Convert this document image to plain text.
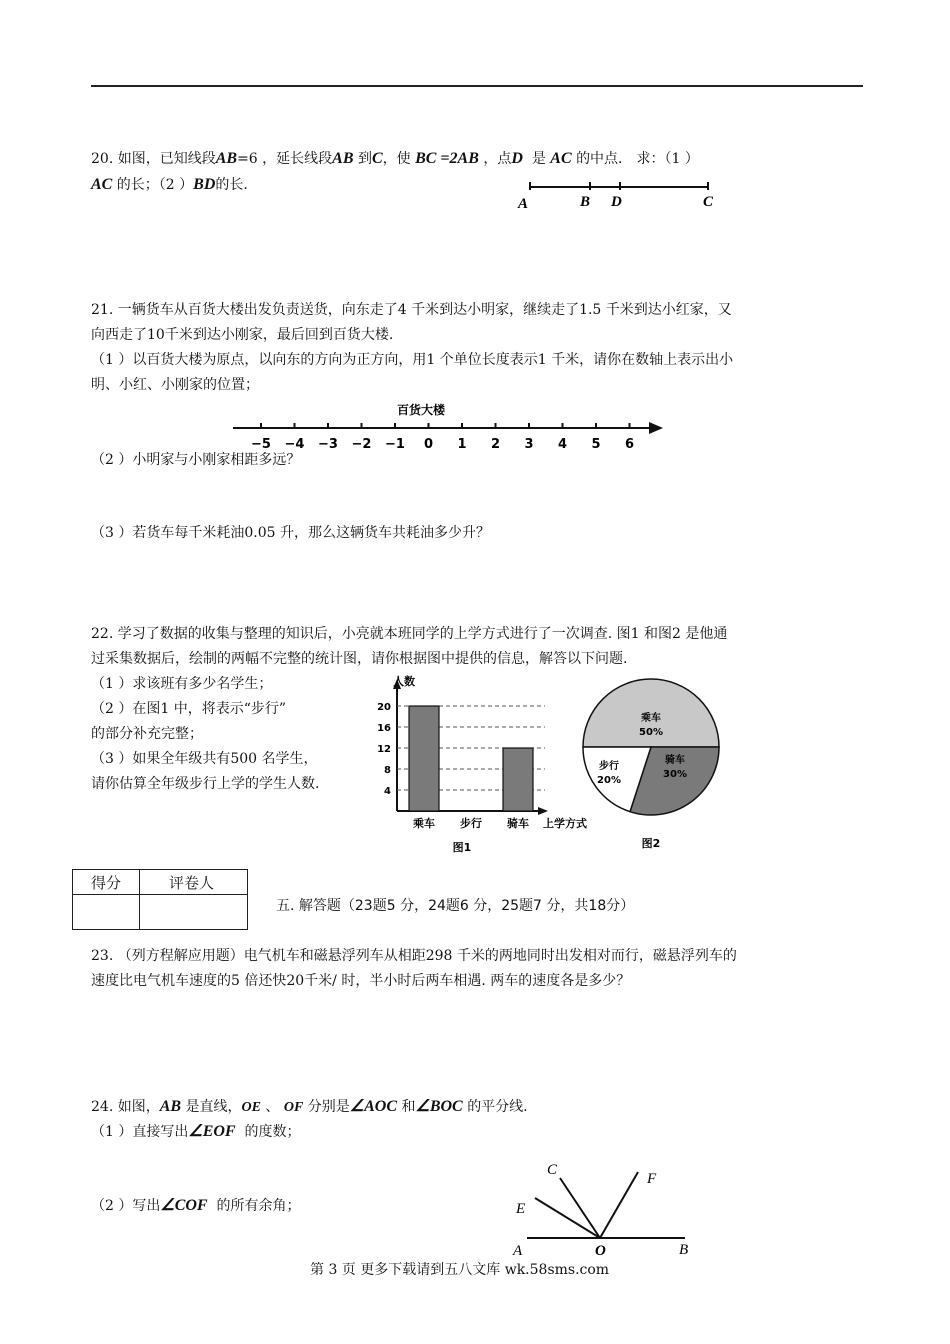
20. 如图，已知线段AB=6 ，延长线段AB 到C，使 BC =2AB ，点D 是 AC 的中点． 求：（1 ）
AC 的长；（2 ）BD的长.
A	B D	C
21. 一辆货车从百货大楼出发负责送货，向东走了4 千米到达小明家，继续走了1.5 千米到达小红家，又
向西走了10千米到达小刚家，最后回到百货大楼.
（1 ）以百货大楼为原点，以向东的方向为正方向，用1 个单位长度表示1 千米，请你在数轴上表示出小
明、小红、小刚家的位置；
百货大楼
−5 −4 −3 −2 −1 0 1 2 3 4 5 6
（2 ）小明家与小刚家相距多远？
（3 ）若货车每千米耗油0.05 升，那么这辆货车共耗油多少升？
22. 学习了数据的收集与整理的知识后，小亮就本班同学的上学方式进行了一次调查. 图1 和图2 是他通
过采集数据后，绘制的两幅不完整的统计图，请你根据图中提供的信息，解答以下问题.
（1 ）求该班有多少名学生；
（2 ）在图1 中，将表示“步行”
的部分补充完整；
（3 ）如果全年级共有500 名学生，
请你估算全年级步行上学的学生人数.
人数
4
8
12
16
20
乘车 步行 骑车 上学方式
图1
乘车
50%
骑车
30%
步行
20%
图2
得分	评卷人
五. 解答题（23题5 分，24题6 分，25题7 分，共18分）
23. （列方程解应用题）电气机车和磁悬浮列车从相距298 千米的两地同时出发相对而行，磁悬浮列车的
速度比电气机车速度的5 倍还快20千米/ 时，半小时后两车相遇. 两车的速度各是多少？
24. 如图，AB 是直线，OE 、 OF 分别是∠AOC 和∠BOC 的平分线.
（1 ）直接写出∠EOF 的度数；
（2 ）写出∠COF 的所有余角；
C
F
E
A	O	B
第 3 页 更多下载请到五八文库 wk.58sms.com
